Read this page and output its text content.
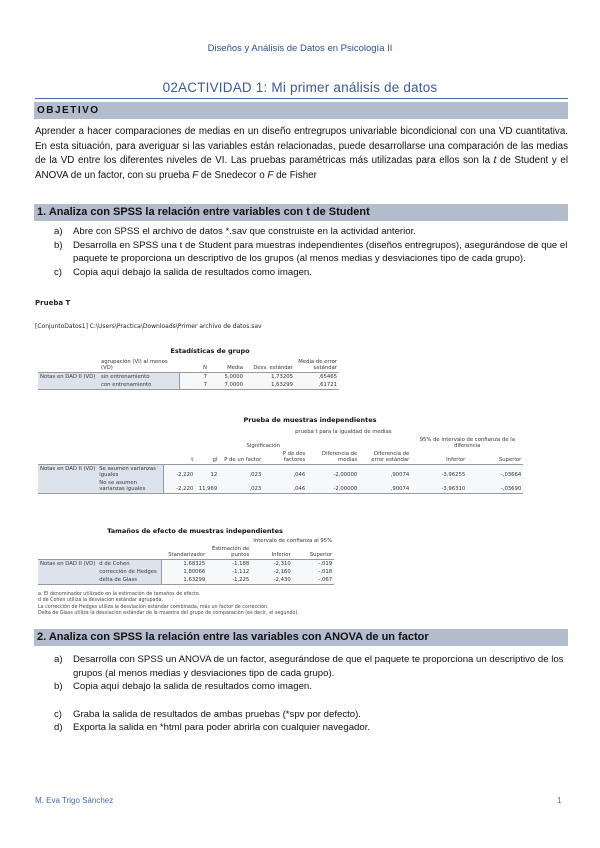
Diseños y Análisis de Datos en Psicología II
02ACTIVIDAD 1: Mi primer análisis de datos
OBJETIVO
Aprender a hacer comparaciones de medias en un diseño entregrupos univariable bicondicional con una VD cuantitativa. En esta situación, para averiguar si las variables están relacionadas, puede desarrollarse una comparación de las medias de la VD entre los diferentes niveles de VI. Las pruebas paramétricas más utilizadas para ellos son la t de Student y el ANOVA de un factor, con su prueba F de Snedecor o F de Fisher
1. Analiza con SPSS la relación entre variables con t de Student
a) Abre con SPSS el archivo de datos *.sav que construiste en la actividad anterior.
b) Desarrolla en SPSS una t de Student para muestras independientes (diseños entregrupos), asegurándose de que el paquete te proporciona un descriptivo de los grupos (al menos medias y desviaciones tipo de cada grupo).
c) Copia aquí debajo la salida de resultados como imagen.
Prueba T
[ConjuntoDatos1] C:\Users\Practica\Downloads\Primer archivo de datos.sav
Estadísticas de grupo
	agrupación (VI) al menos (VD)	N	Media	Desv. estándar	Media de error estándar
Notas en DAD II (VD)	sin entrenamiento	7	5,0000	1,73205	,65465
	con entrenamiento	7	7,0000	1,63299	,61721
Prueba de muestras independientes
		prueba t para la igualdad de medias							
				Significación				95% de intervalo de confianza de la diferencia	
		t	gl	P de un factor	P de dos factores	Diferencia de medias	Diferencia de error estándar	Inferior	Superior
Notas en DAD II (VD)	Se asumen varianzas iguales	-2,220	12	,023	,046	-2,00000	,90074	-3,96255	-,03664
	No se asumen varianzas iguales	-2,220	11,969	,023	,046	-2,00000	,90074	-3,96310	-,03690
Tamaños de efecto de muestras independientes
				Intervalo de confianza al 95%	
		Standarizador	Estimación de puntos	Inferior	Superior
Notas en DAD II (VD)	d de Cohen	1,68325	-1,188	-2,310	-,019
	corrección de Hedges	1,80066	-1,112	-2,160	-,018
	delta de Glass	1,63299	-1,225	-2,430	-,067
a. El denominador utilizado en la estimación de tamaños de efecto.
d de Cohen utiliza la desviación estándar agrupada.
La corrección de Hedges utiliza la desviación estándar combinada, más un factor de corrección.
Delta de Glass utiliza la desviación estándar de la muestra del grupo de comparación (es decir, el segundo).
2. Analiza con SPSS la relación entre las variables con ANOVA de un factor
a) Desarrolla con SPSS un ANOVA de un factor, asegurándose de que el paquete te proporciona un descriptivo de los grupos (al menos medias y desviaciones tipo de cada grupo).
b) Copia aquí debajo la salida de resultados como imagen.
c) Graba la salida de resultados de ambas pruebas (*spv por defecto).
d) Exporta la salida en *html para poder abrirla con cualquier navegador.
M. Eva Trigo Sánchez	1
